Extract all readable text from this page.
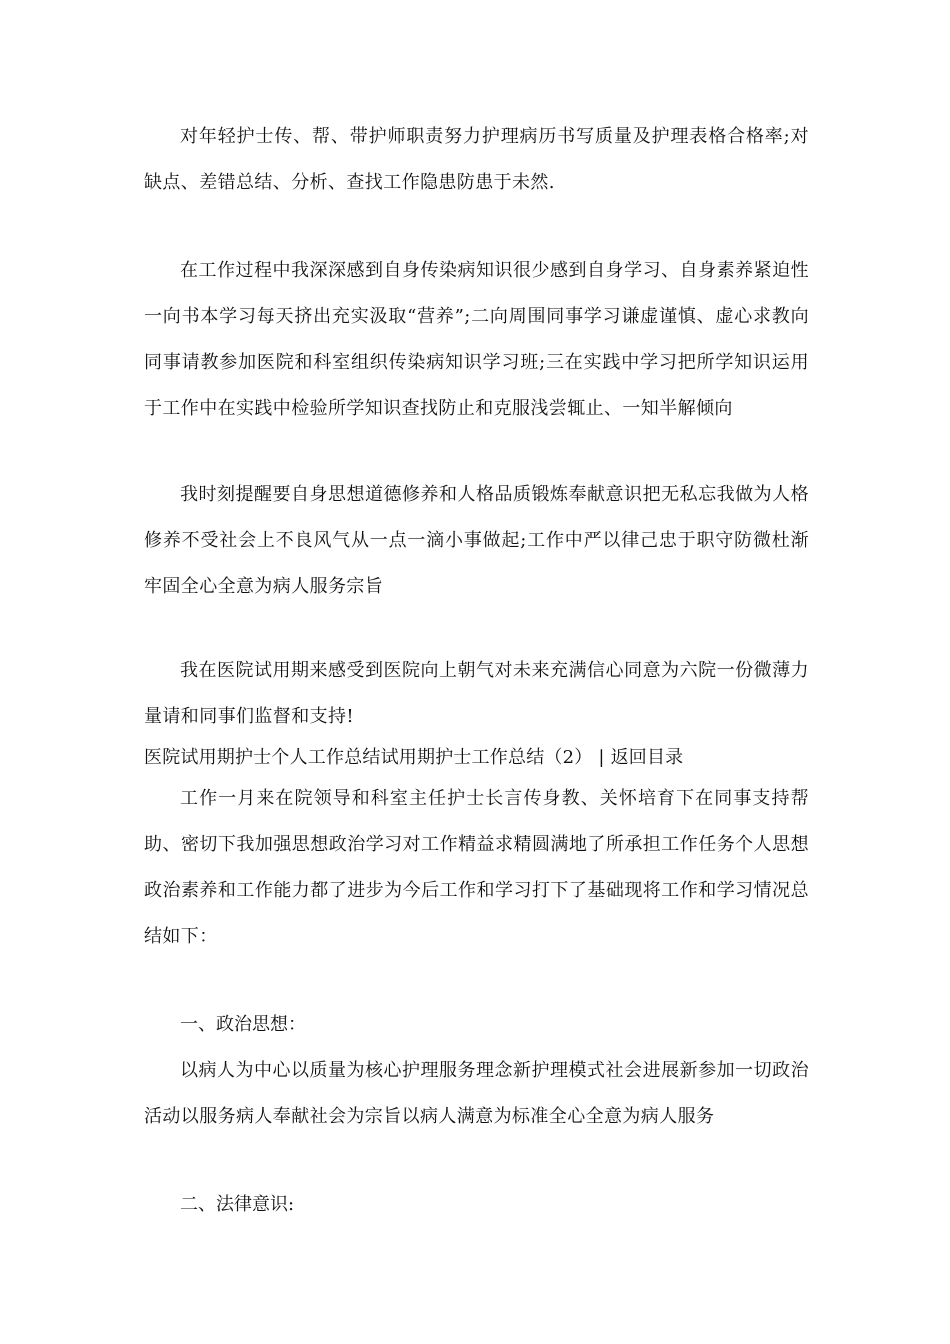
对年轻护士传、帮、带护师职责努力护理病历书写质量及护理表格合格率;对缺点、差错总结、分析、查找工作隐患防患于未然.

在工作过程中我深深感到自身传染病知识很少感到自身学习、自身素养紧迫性一向书本学习每天挤出充实汲取“营养”;二向周围同事学习谦虚谨慎、虚心求教向同事请教参加医院和科室组织传染病知识学习班;三在实践中学习把所学知识运用于工作中在实践中检验所学知识查找防止和克服浅尝辄止、一知半解倾向

我时刻提醒要自身思想道德修养和人格品质锻炼奉献意识把无私忘我做为人格修养不受社会上不良风气从一点一滴小事做起;工作中严以律己忠于职守防微杜渐牢固全心全意为病人服务宗旨

我在医院试用期来感受到医院向上朝气对未来充满信心同意为六院一份微薄力量请和同事们监督和支持!

医院试用期护士个人工作总结试用期护士工作总结（2） | 返回目录

工作一月来在院领导和科室主任护士长言传身教、关怀培育下在同事支持帮助、密切下我加强思想政治学习对工作精益求精圆满地了所承担工作任务个人思想政治素养和工作能力都了进步为今后工作和学习打下了基础现将工作和学习情况总结如下：

一、政治思想：

以病人为中心以质量为核心护理服务理念新护理模式社会进展新参加一切政治活动以服务病人奉献社会为宗旨以病人满意为标准全心全意为病人服务

二、法律意识:
